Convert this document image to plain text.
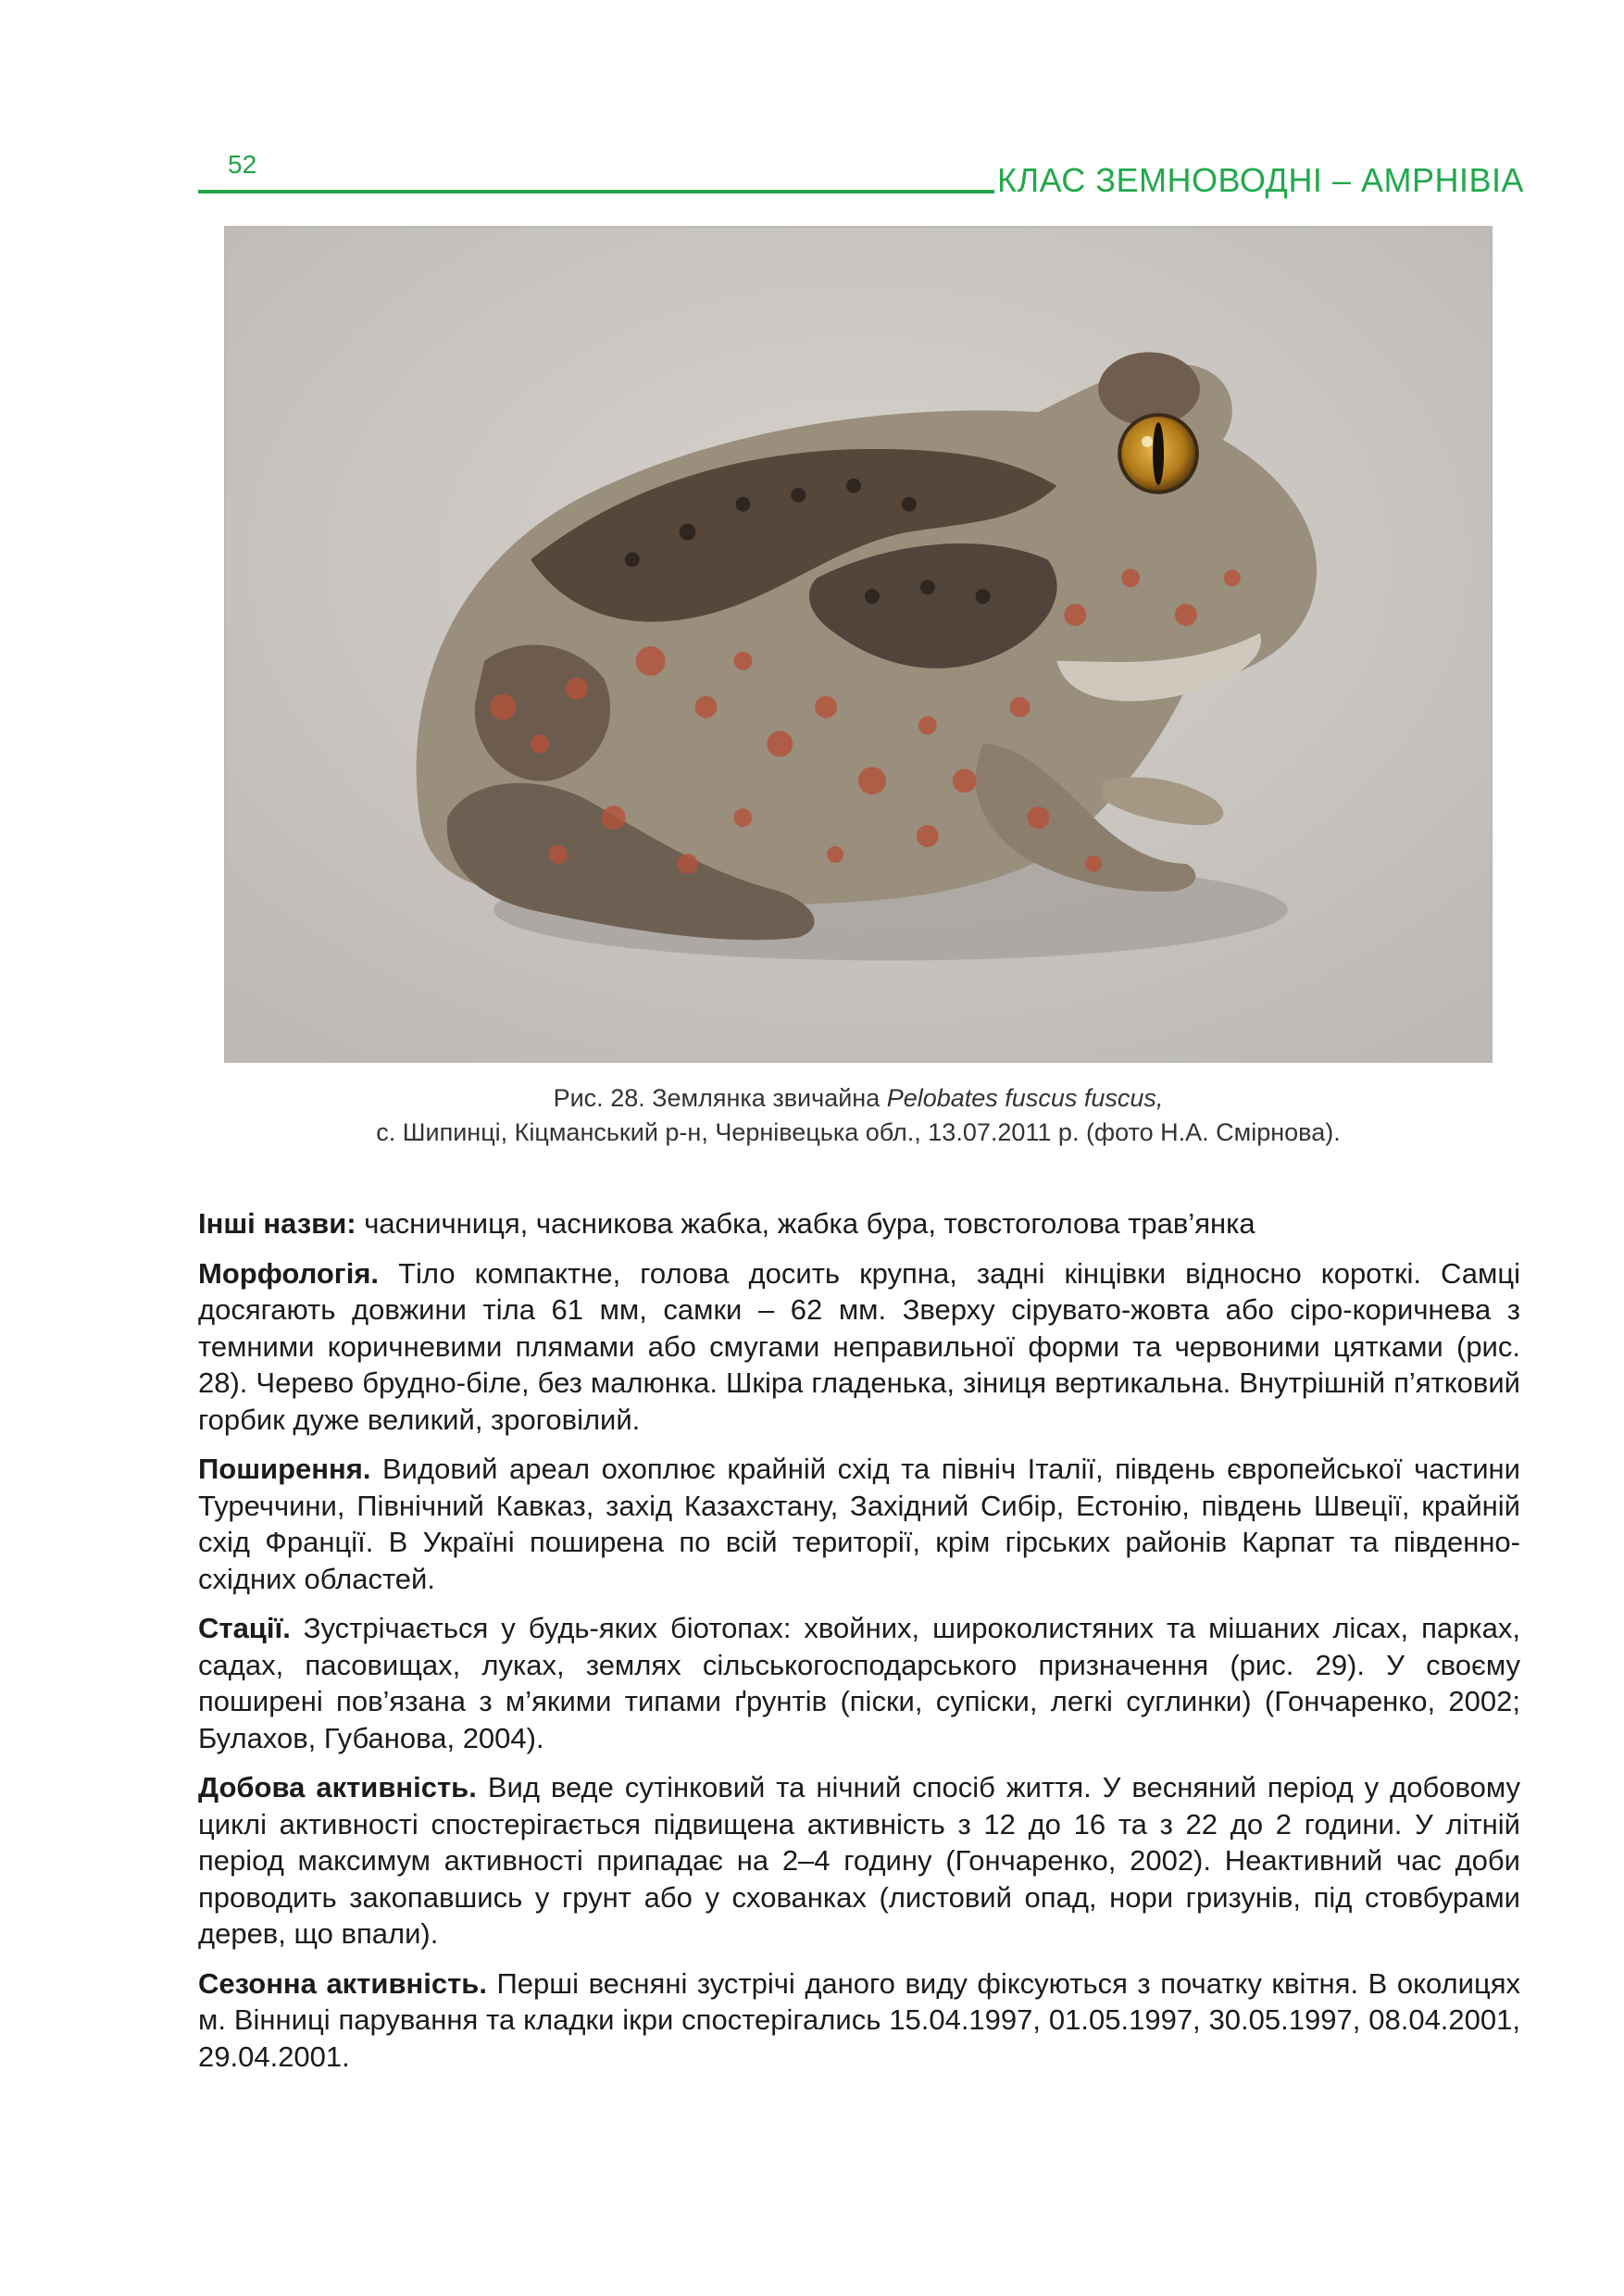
52	КЛАС ЗЕМНОВОДНІ – AMPHIBIA
Рис. 28. Землянка звичайна Pelobates fuscus fuscus,
с. Шипинці, Кіцманський р-н, Чернівецька обл., 13.07.2011 р. (фото Н.А. Смірнова).

Інші назви: часничниця, часникова жабка, жабка бура, товстоголова трав’янка

Морфологія. Тіло компактне, голова досить крупна, задні кінцівки відносно короткі. Самці досягають довжини тіла 61 мм, самки – 62 мм. Зверху сірувато-жовта або сіро-коричнева з темними коричневими плямами або смугами неправильної форми та червоними цятками (рис. 28). Черево брудно-біле, без малюнка. Шкіра гладенька, зіниця вертикальна. Внутрішній п’ятковий горбик дуже великий, зроговілий.

Поширення. Видовий ареал охоплює крайній схід та північ Італії, південь європейської частини Туреччини, Північний Кавказ, захід Казахстану, Західний Сибір, Естонію, південь Швеції, крайній схід Франції. В Україні поширена по всій території, крім гірських районів Карпат та південно-східних областей.

Стації. Зустрічається у будь-яких біотопах: хвойних, широколистяних та мішаних лісах, парках, садах, пасовищах, луках, землях сільськогосподарського призначення (рис. 29). У своєму поширені пов’язана з м’якими типами ґрунтів (піски, супіски, легкі суглинки) (Гончаренко, 2002; Булахов, Губанова, 2004).

Добова активність. Вид веде сутінковий та нічний спосіб життя. У весняний період у добовому циклі активності спостерігається підвищена активність з 12 до 16 та з 22 до 2 години. У літній період максимум активності припадає на 2–4 годину (Гончаренко, 2002). Неактивний час доби проводить закопавшись у грунт або у схованках (листовий опад, нори гризунів, під стовбурами дерев, що впали).

Сезонна активність. Перші весняні зустрічі даного виду фіксуються з початку квітня. В околицях м. Вінниці парування та кладки ікри спостерігались 15.04.1997, 01.05.1997, 30.05.1997, 08.04.2001, 29.04.2001.
